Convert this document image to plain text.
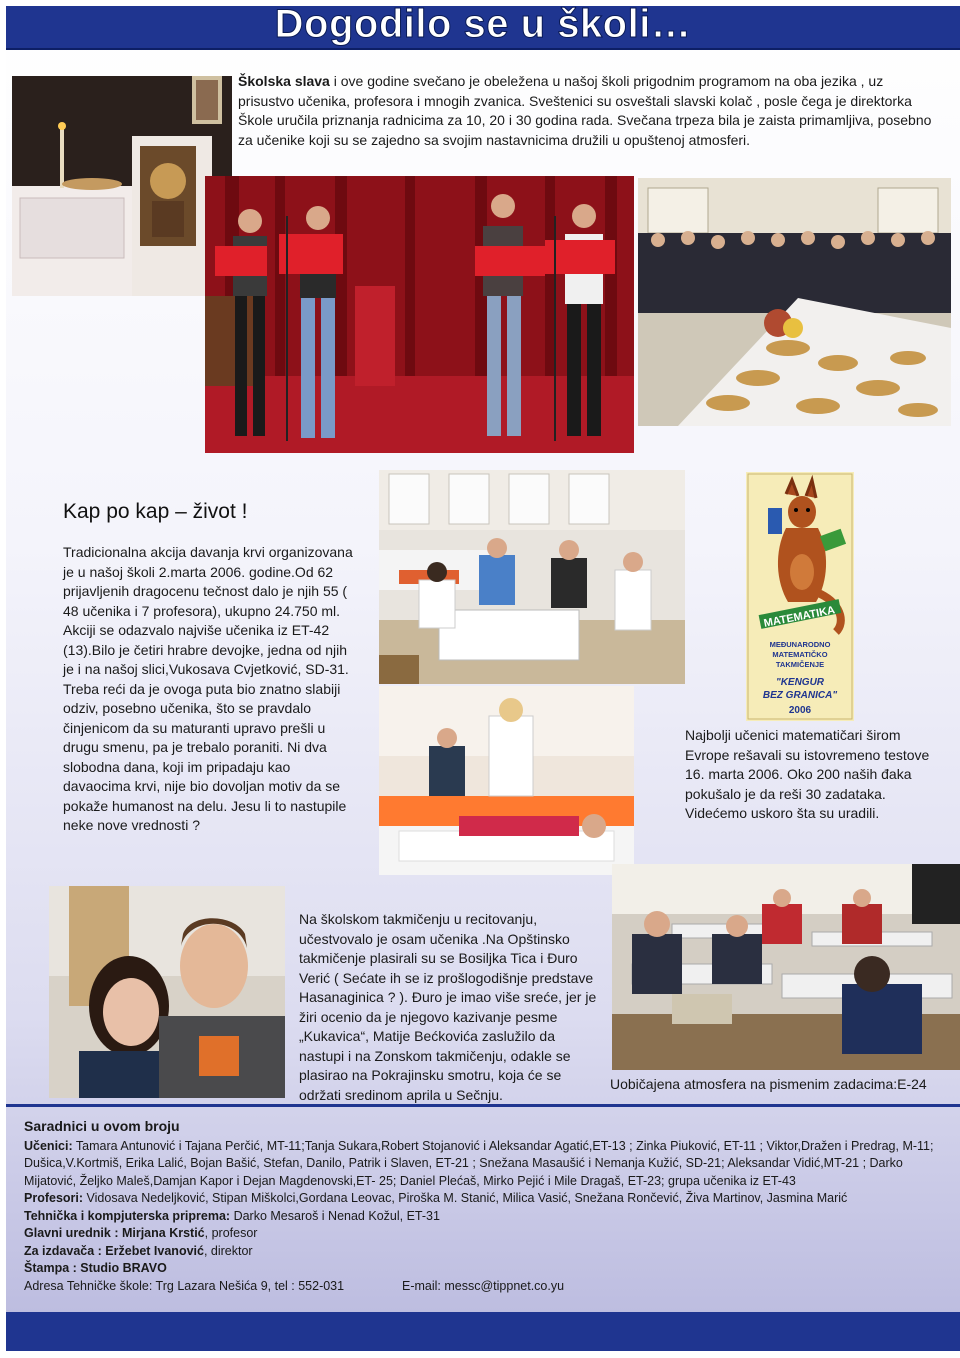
Dogodilo se u školi…
Školska slava i ove godine svečano je obeležena u našoj školi prigodnim programom na oba jezika , uz prisustvo učenika, profesora i mnogih zvanica. Sveštenici su osveštali slavski kolač , posle čega je direktorka Škole uručila priznanja radnicima za 10, 20 i 30 godina rada. Svečana trpeza bila je zaista primamljiva, posebno za učenike koji su se zajedno sa svojim nastavnicima družili u opuštenoj atmosferi.
Kap po kap – život !
Tradicionalna akcija davanja krvi organizovana je u našoj školi 2.marta 2006. godine.Od 62 prijavljenih dragocenu tečnost dalo je njih 55 ( 48 učenika i 7 profesora), ukupno 24.750 ml. Akciji se odazvalo najviše učenika iz ET-42 (13).Bilo je četiri hrabre devojke, jedna od njih je i na našoj slici,Vukosava Cvjetković, SD-31. Treba reći da je ovoga puta bio znatno slabiji odziv, posebno učenika, što se pravdalo činjenicom da su maturanti upravo prešli u drugu smenu, pa je trebalo poraniti. Ni dva slobodna dana, koji im pripadaju kao davaocima krvi, nije bio dovoljan motiv da se pokaže humanost na delu. Jesu li to nastupile neke nove vrednosti ?
MATEMATIKA
MEĐUNARODNO
MATEMATIČKO
TAKMIČENJE
"KENGUR
BEZ GRANICA"
2006
Najbolji učenici matematičari širom Evrope rešavali su istovremeno testove 16. marta 2006. Oko 200 naših đaka pokušalo je da reši 30 zadataka. Videćemo uskoro šta su uradili.
Na školskom takmičenju u recitovanju, učestvovalo je osam učenika .Na Opštinsko takmičenje plasirali su se Bosiljka Tica i Đuro Verić ( Sećate ih se iz prošlogodišnje predstave Hasanaginica ? ). Đuro je imao više sreće, jer je žiri ocenio da je njegovo kazivanje pesme „Kukavica“, Matije Bećkovića zaslužilo da nastupi i na Zonskom takmičenju, odakle se plasirao na Pokrajinsku smotru, koja će se održati sredinom aprila u Sečnju.
Uobičajena atmosfera na pismenim zadacima:E-24
Saradnici u ovom broju
Učenici: Tamara Antunović i Tajana Perčić, MT-11;Tanja Sukara,Robert Stojanović i Aleksandar Agatić,ET-13 ; Zinka Piuković, ET-11 ; Viktor,Dražen i Predrag, M-11; Dušica,V.Kortmiš, Erika Lalić, Bojan Bašić, Stefan, Danilo, Patrik i Slaven, ET-21 ; Snežana Masaušić i Nemanja Kužić, SD-21; Aleksandar Vidić,MT-21 ; Darko Mijatović, Željko Maleš,Damjan Kapor i Dejan Magdenovski,ET- 25; Daniel Plećaš, Mirko Pejić i Mile Dragaš, ET-23; grupa učenika iz ET-43
Profesori: Vidosava Nedeljković, Stipan Miškolci,Gordana Leovac, Piroška M. Stanić, Milica Vasić, Snežana Rončević, Živa Martinov, Jasmina Marić
Tehnička i kompjuterska priprema: Darko Mesaroš i Nenad Kožul, ET-31
Glavni urednik : Mirjana Krstić, profesor
Za izdavača : Eržebet Ivanović, direktor
Štampa : Studio BRAVO
Adresa Tehničke škole: Trg Lazara Nešića 9, tel : 552-031	E-mail: messc@tippnet.co.yu
